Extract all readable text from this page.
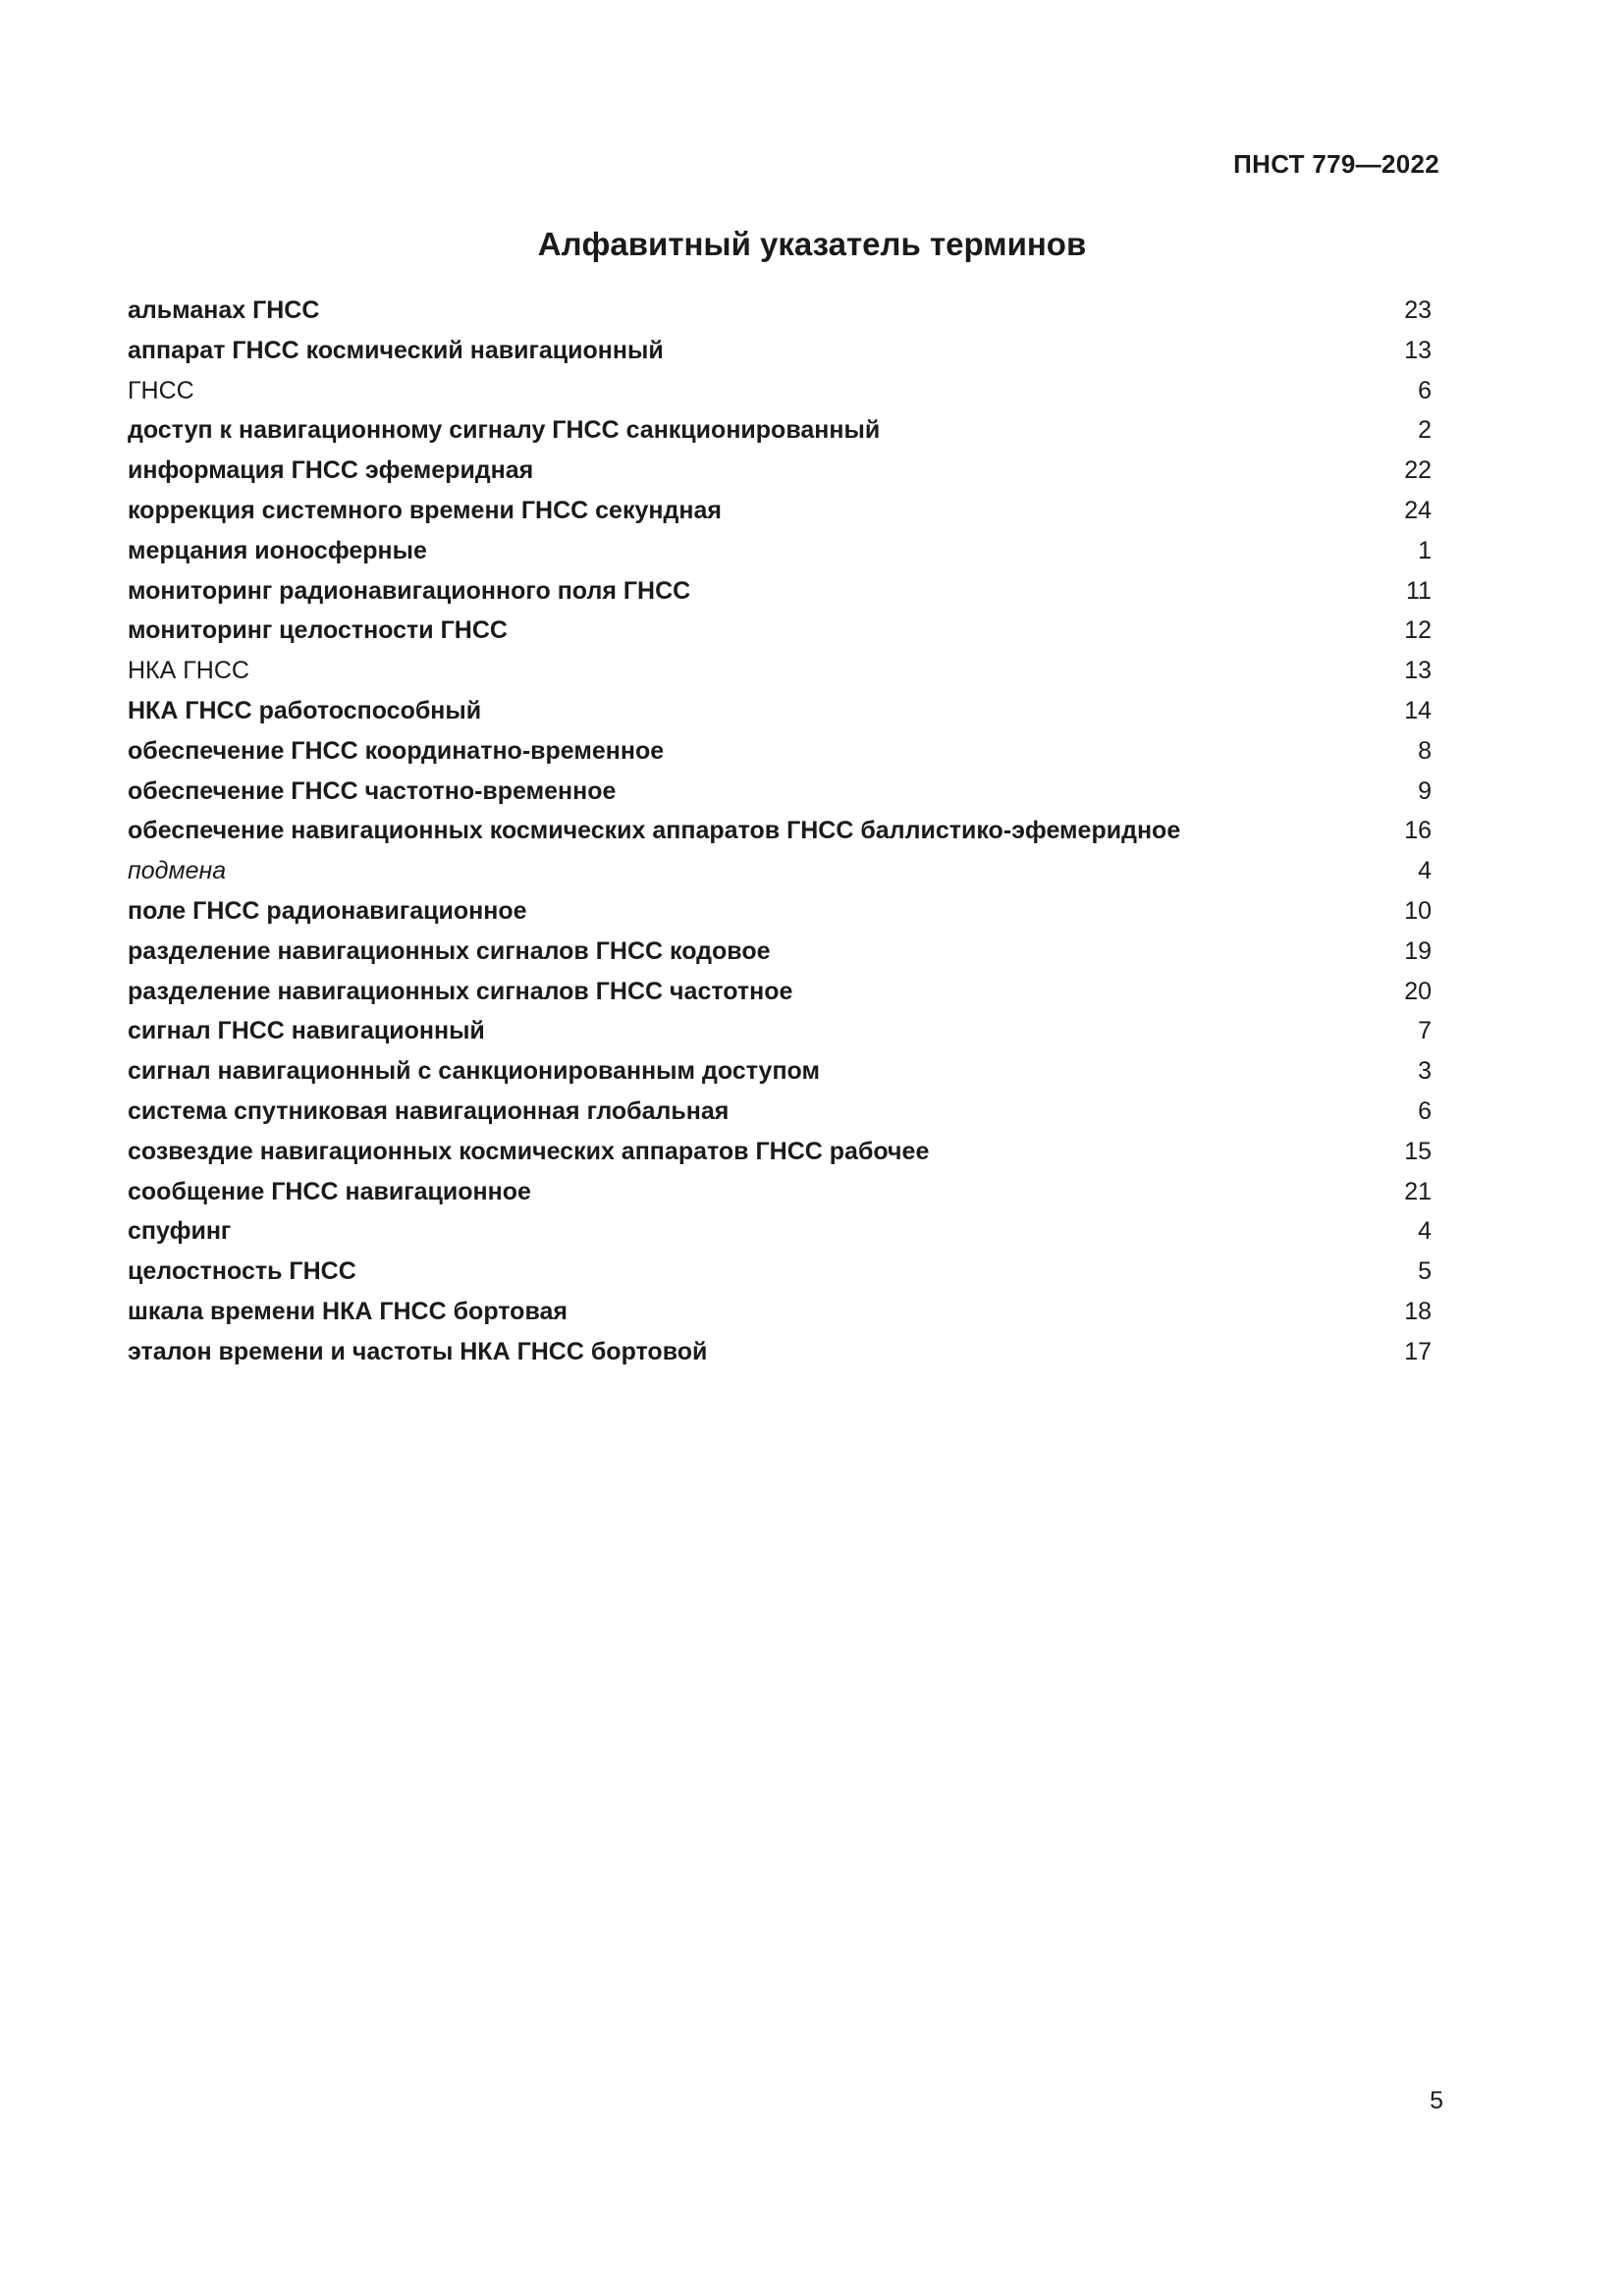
ПНСТ 779—2022
Алфавитный указатель терминов
альманах ГНСС	23
аппарат ГНСС космический навигационный	13
ГНСС	6
доступ к навигационному сигналу ГНСС санкционированный	2
информация ГНСС эфемеридная	22
коррекция системного времени ГНСС секундная	24
мерцания ионосферные	1
мониторинг радионавигационного поля ГНСС	11
мониторинг целостности ГНСС	12
НКА ГНСС	13
НКА ГНСС работоспособный	14
обеспечение ГНСС координатно-временное	8
обеспечение ГНСС частотно-временное	9
обеспечение навигационных космических аппаратов ГНСС баллистико-эфемеридное	16
подмена	4
поле ГНСС радионавигационное	10
разделение навигационных сигналов ГНСС кодовое	19
разделение навигационных сигналов ГНСС частотное	20
сигнал ГНСС навигационный	7
сигнал навигационный с санкционированным доступом	3
система спутниковая навигационная глобальная	6
созвездие навигационных космических аппаратов ГНСС рабочее	15
сообщение ГНСС навигационное	21
спуфинг	4
целостность ГНСС	5
шкала времени НКА ГНСС бортовая	18
эталон времени и частоты НКА ГНСС бортовой	17
5
